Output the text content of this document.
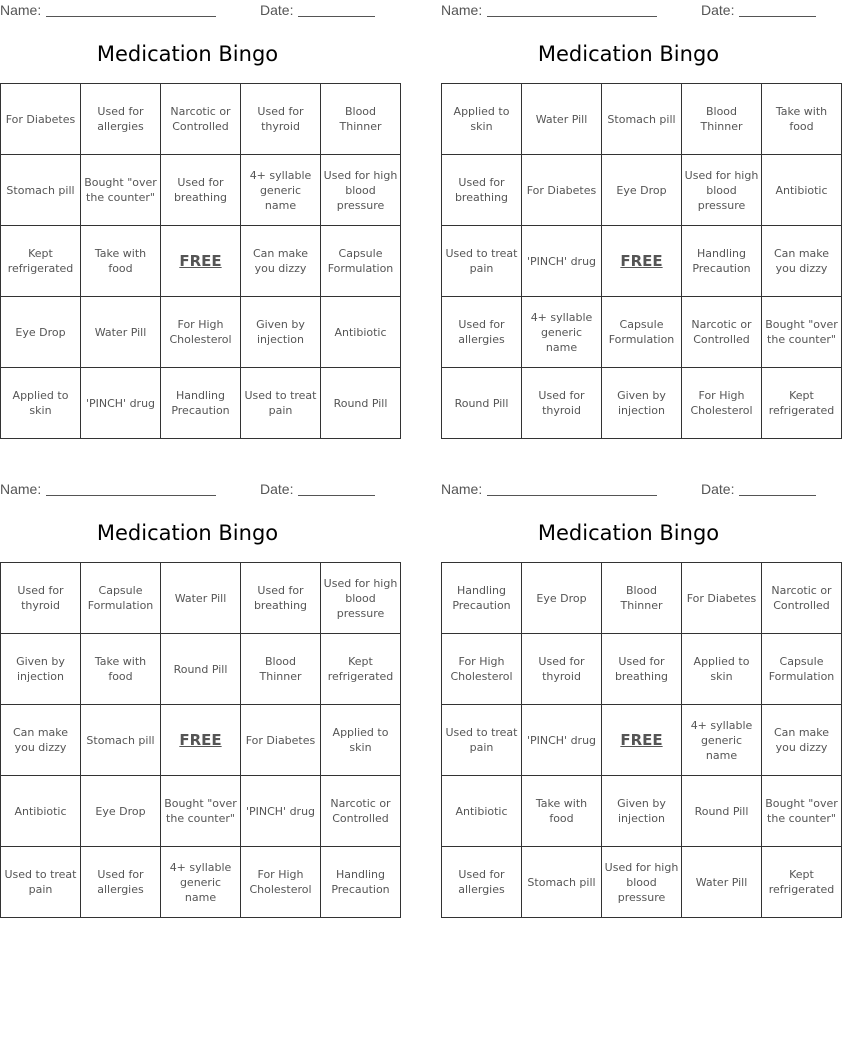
Name:	Date:
Medication Bingo
For Diabetes	Used for allergies	Narcotic or Controlled	Used for thyroid	Blood Thinner
Stomach pill	Bought "over the counter"	Used for breathing	4+ syllable generic name	Used for high blood pressure
Kept refrigerated	Take with food	FREE	Can make you dizzy	Capsule Formulation
Eye Drop	Water Pill	For High Cholesterol	Given by injection	Antibiotic
Applied to skin	'PINCH' drug	Handling Precaution	Used to treat pain	Round Pill
Name:	Date:
Medication Bingo
Applied to skin	Water Pill	Stomach pill	Blood Thinner	Take with food
Used for breathing	For Diabetes	Eye Drop	Used for high blood pressure	Antibiotic
Used to treat pain	'PINCH' drug	FREE	Handling Precaution	Can make you dizzy
Used for allergies	4+ syllable generic name	Capsule Formulation	Narcotic or Controlled	Bought "over the counter"
Round Pill	Used for thyroid	Given by injection	For High Cholesterol	Kept refrigerated
Name:	Date:
Medication Bingo
Used for thyroid	Capsule Formulation	Water Pill	Used for breathing	Used for high blood pressure
Given by injection	Take with food	Round Pill	Blood Thinner	Kept refrigerated
Can make you dizzy	Stomach pill	FREE	For Diabetes	Applied to skin
Antibiotic	Eye Drop	Bought "over the counter"	'PINCH' drug	Narcotic or Controlled
Used to treat pain	Used for allergies	4+ syllable generic name	For High Cholesterol	Handling Precaution
Name:	Date:
Medication Bingo
Handling Precaution	Eye Drop	Blood Thinner	For Diabetes	Narcotic or Controlled
For High Cholesterol	Used for thyroid	Used for breathing	Applied to skin	Capsule Formulation
Used to treat pain	'PINCH' drug	FREE	4+ syllable generic name	Can make you dizzy
Antibiotic	Take with food	Given by injection	Round Pill	Bought "over the counter"
Used for allergies	Stomach pill	Used for high blood pressure	Water Pill	Kept refrigerated
